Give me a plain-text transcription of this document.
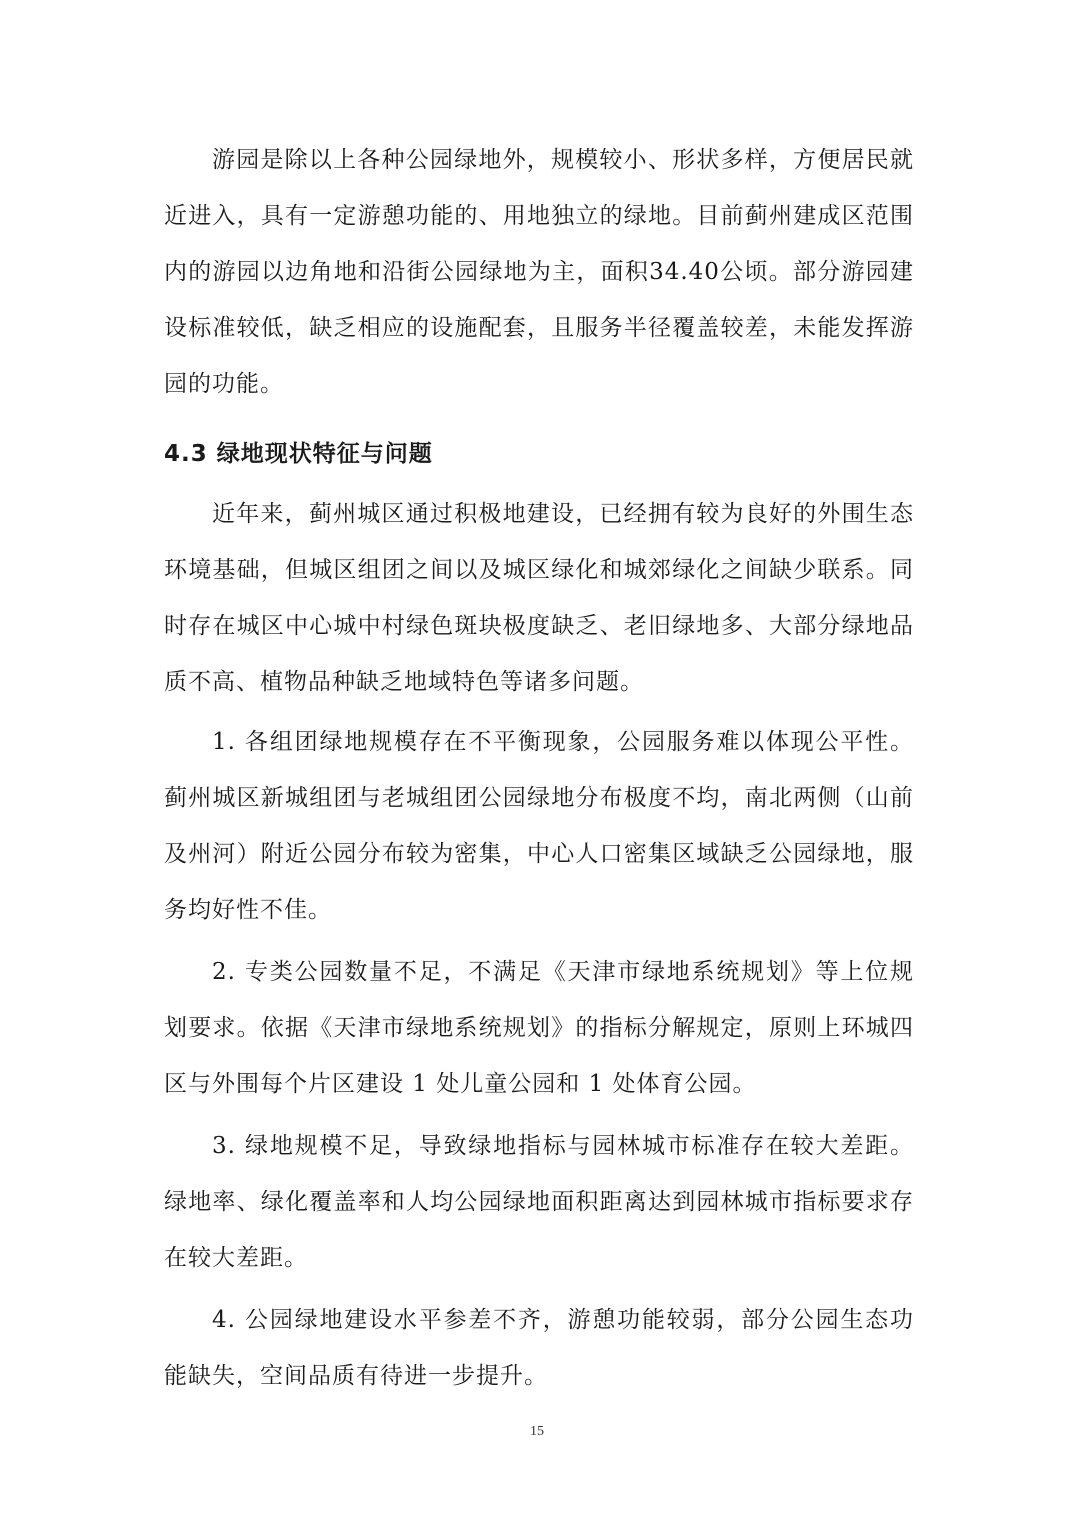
游园是除以上各种公园绿地外，规模较小、形状多样，方便居民就近进入，具有一定游憩功能的、用地独立的绿地。目前蓟州建成区范围内的游园以边角地和沿街公园绿地为主，面积34.40公顷。部分游园建设标准较低，缺乏相应的设施配套，且服务半径覆盖较差，未能发挥游园的功能。

4.3 绿地现状特征与问题

近年来，蓟州城区通过积极地建设，已经拥有较为良好的外围生态环境基础，但城区组团之间以及城区绿化和城郊绿化之间缺少联系。同时存在城区中心城中村绿色斑块极度缺乏、老旧绿地多、大部分绿地品质不高、植物品种缺乏地域特色等诸多问题。

1. 各组团绿地规模存在不平衡现象，公园服务难以体现公平性。蓟州城区新城组团与老城组团公园绿地分布极度不均，南北两侧（山前及州河）附近公园分布较为密集，中心人口密集区域缺乏公园绿地，服务均好性不佳。

2. 专类公园数量不足，不满足《天津市绿地系统规划》等上位规划要求。依据《天津市绿地系统规划》的指标分解规定，原则上环城四区与外围每个片区建设 1 处儿童公园和 1 处体育公园。

3. 绿地规模不足，导致绿地指标与园林城市标准存在较大差距。绿地率、绿化覆盖率和人均公园绿地面积距离达到园林城市指标要求存在较大差距。

4. 公园绿地建设水平参差不齐，游憩功能较弱，部分公园生态功能缺失，空间品质有待进一步提升。

15
